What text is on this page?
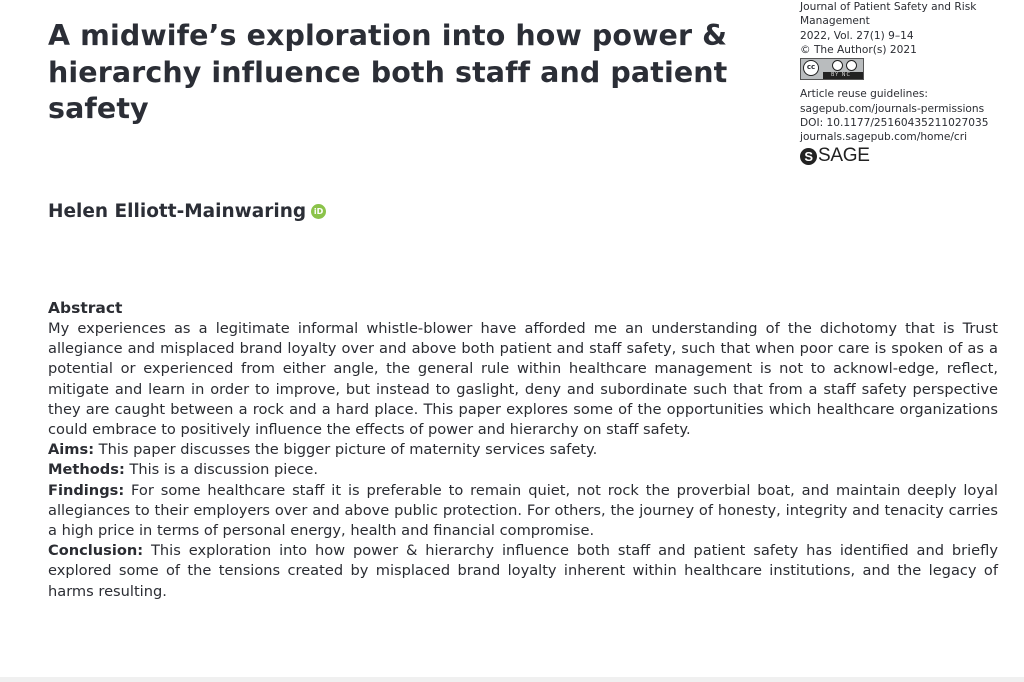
A midwife’s exploration into how power & hierarchy influence both staff and patient safety
Journal of Patient Safety and Risk
Management
2022, Vol. 27(1) 9–14
© The Author(s) 2021
cc
BY NC
Article reuse guidelines:
sagepub.com/journals-permissions
DOI: 10.1177/25160435211027035
journals.sagepub.com/home/cri
S SAGE
Helen Elliott-Mainwaring iD
Abstract

My experiences as a legitimate informal whistle-blower have afforded me an understanding of the dichotomy that is Trust allegiance and misplaced brand loyalty over and above both patient and staff safety, such that when poor care is spoken of as a potential or experienced from either angle, the general rule within healthcare management is not to acknowl-edge, reflect, mitigate and learn in order to improve, but instead to gaslight, deny and subordinate such that from a staff safety perspective they are caught between a rock and a hard place. This paper explores some of the opportunities which healthcare organizations could embrace to positively influence the effects of power and hierarchy on staff safety.

Aims: This paper discusses the bigger picture of maternity services safety.

Methods: This is a discussion piece.

Findings: For some healthcare staff it is preferable to remain quiet, not rock the proverbial boat, and maintain deeply loyal allegiances to their employers over and above public protection. For others, the journey of honesty, integrity and tenacity carries a high price in terms of personal energy, health and financial compromise.

Conclusion: This exploration into how power & hierarchy influence both staff and patient safety has identified and briefly explored some of the tensions created by misplaced brand loyalty inherent within healthcare institutions, and the legacy of harms resulting.
